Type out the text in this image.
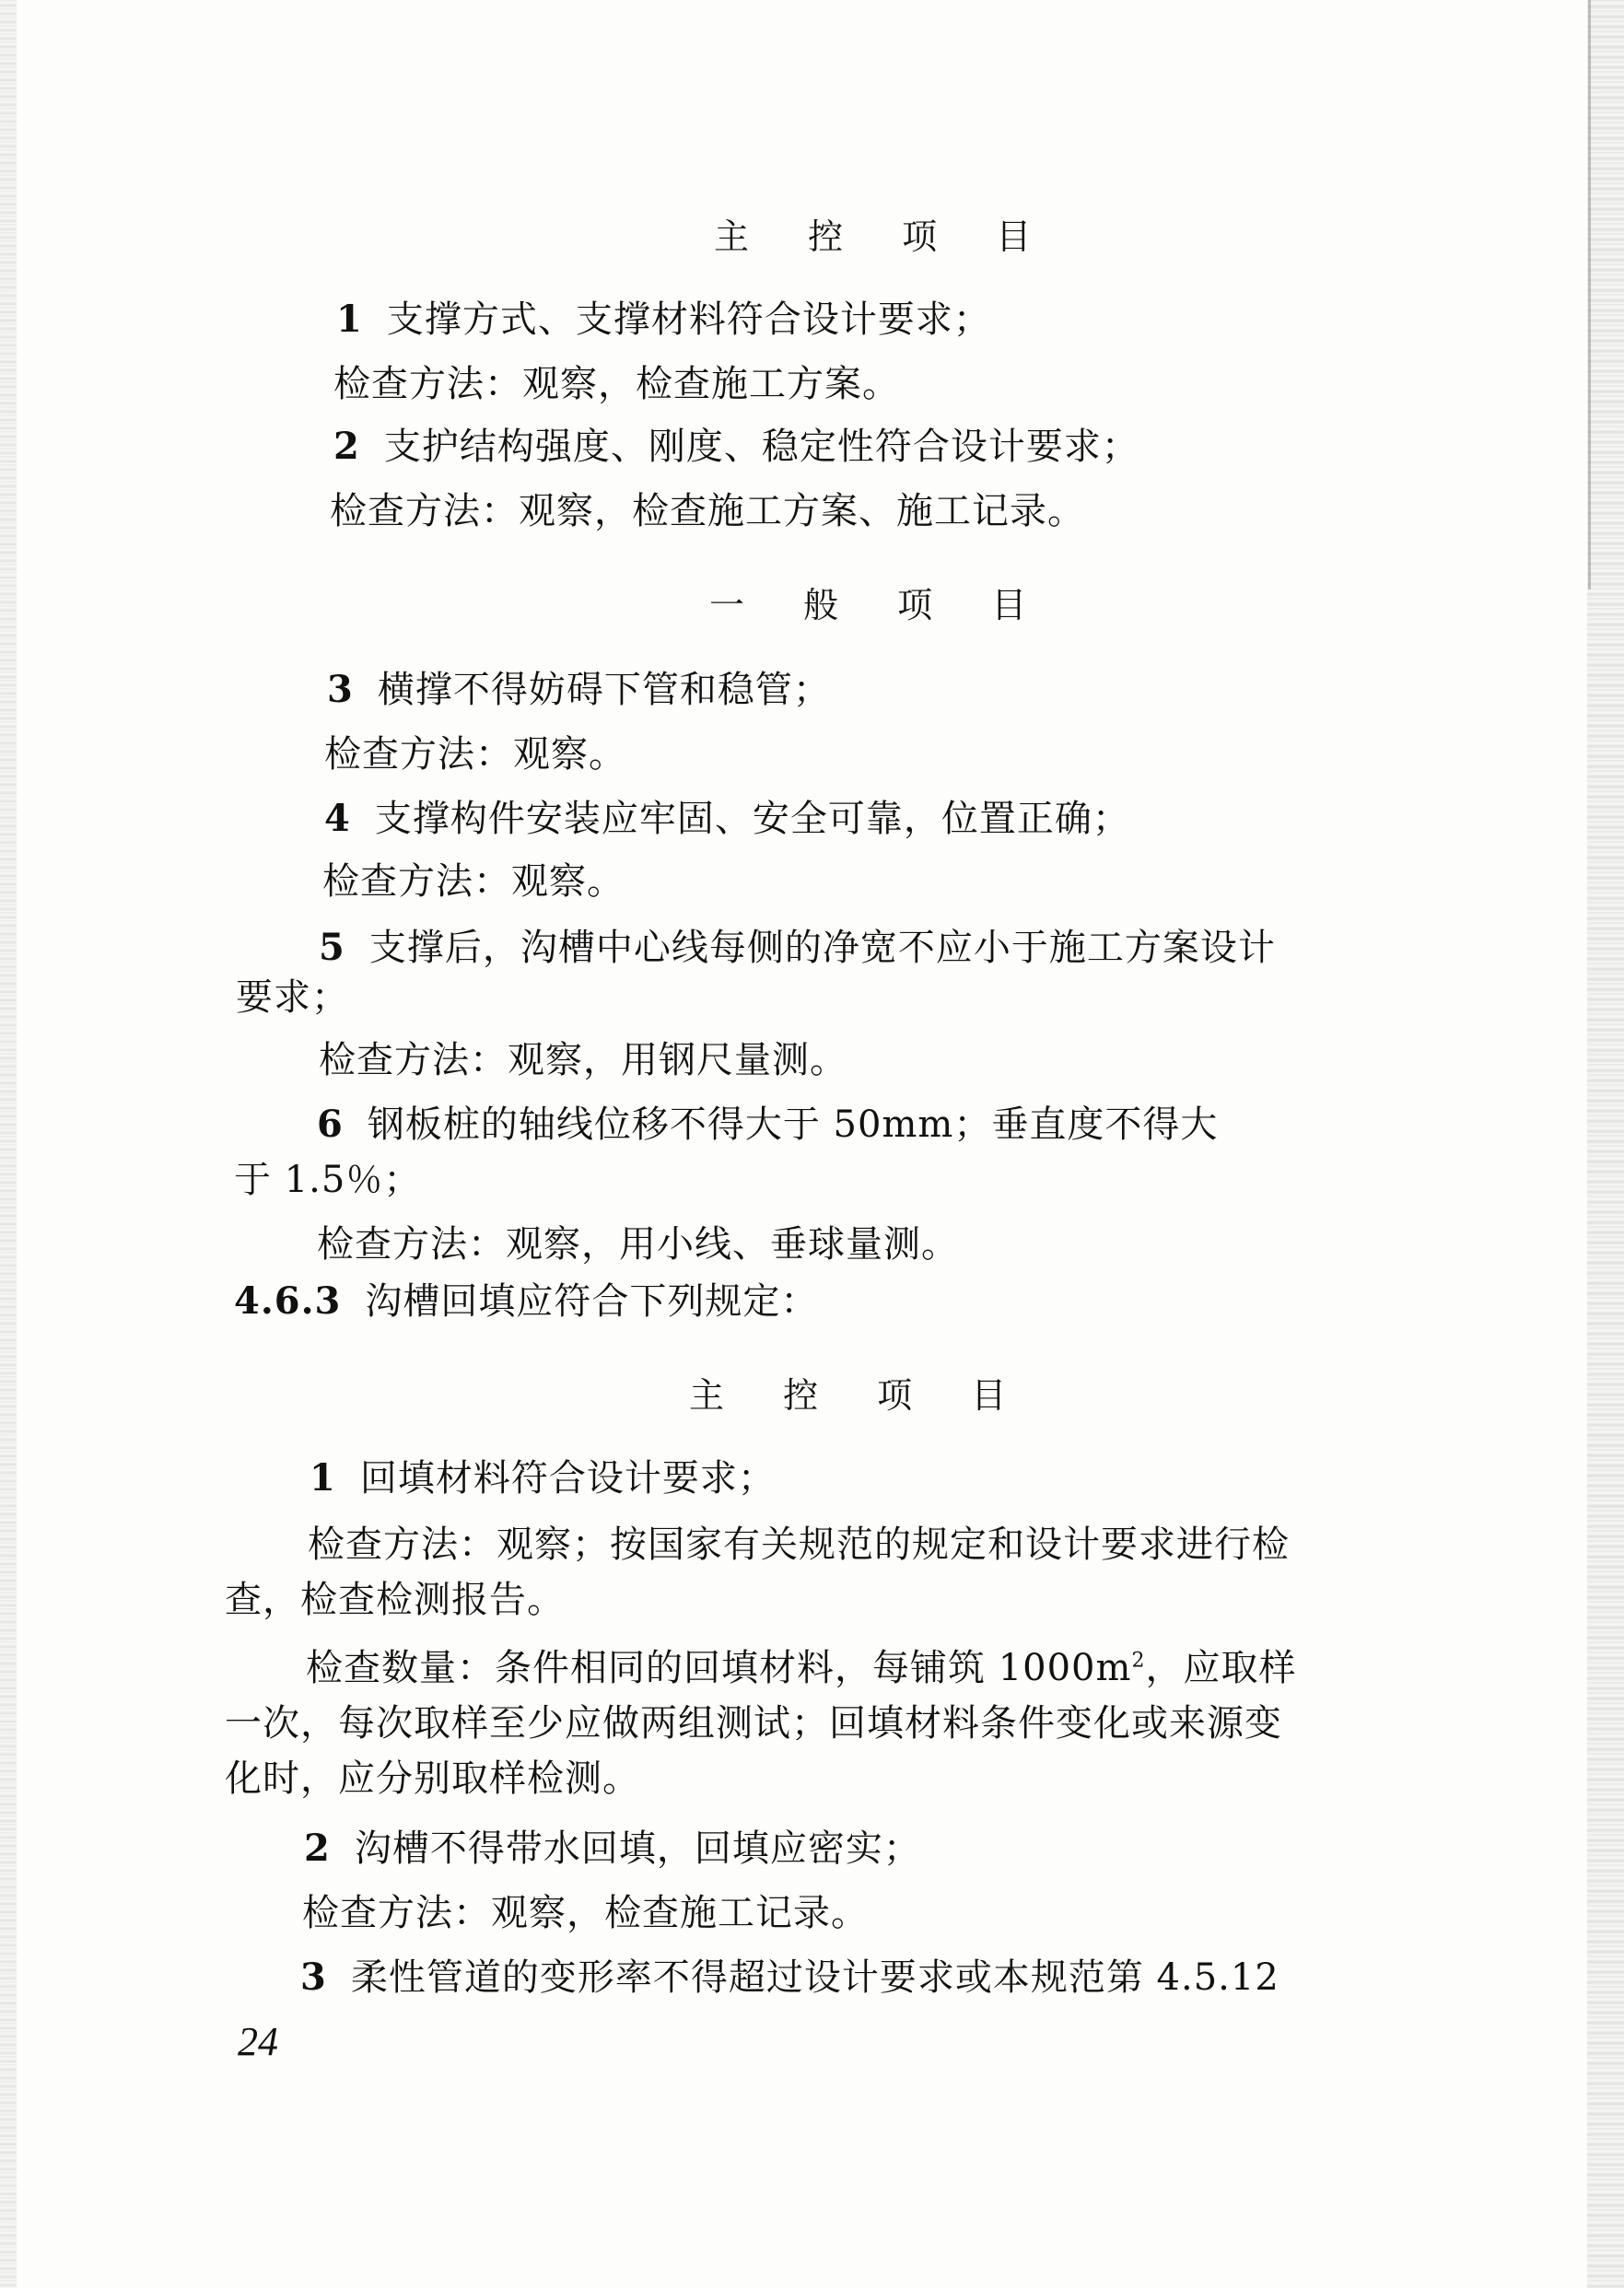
主 控 项 目
1 支撑方式、支撑材料符合设计要求；
检查方法：观察，检查施工方案。
2 支护结构强度、刚度、稳定性符合设计要求；
检查方法：观察，检查施工方案、施工记录。
一 般 项 目
3 横撑不得妨碍下管和稳管；
检查方法：观察。
4 支撑构件安装应牢固、安全可靠，位置正确；
检查方法：观察。
5 支撑后，沟槽中心线每侧的净宽不应小于施工方案设计
要求；
检查方法：观察，用钢尺量测。
6 钢板桩的轴线位移不得大于 50mm；垂直度不得大
于 1.5％；
检查方法：观察，用小线、垂球量测。
4.6.3 沟槽回填应符合下列规定：
主 控 项 目
1 回填材料符合设计要求；
检查方法：观察；按国家有关规范的规定和设计要求进行检
查，检查检测报告。
检查数量：条件相同的回填材料，每铺筑 $1000m^2$，应取样
一次，每次取样至少应做两组测试；回填材料条件变化或来源变
化时，应分别取样检测。
2 沟槽不得带水回填，回填应密实；
检查方法：观察，检查施工记录。
3 柔性管道的变形率不得超过设计要求或本规范第 4.5.12
24
